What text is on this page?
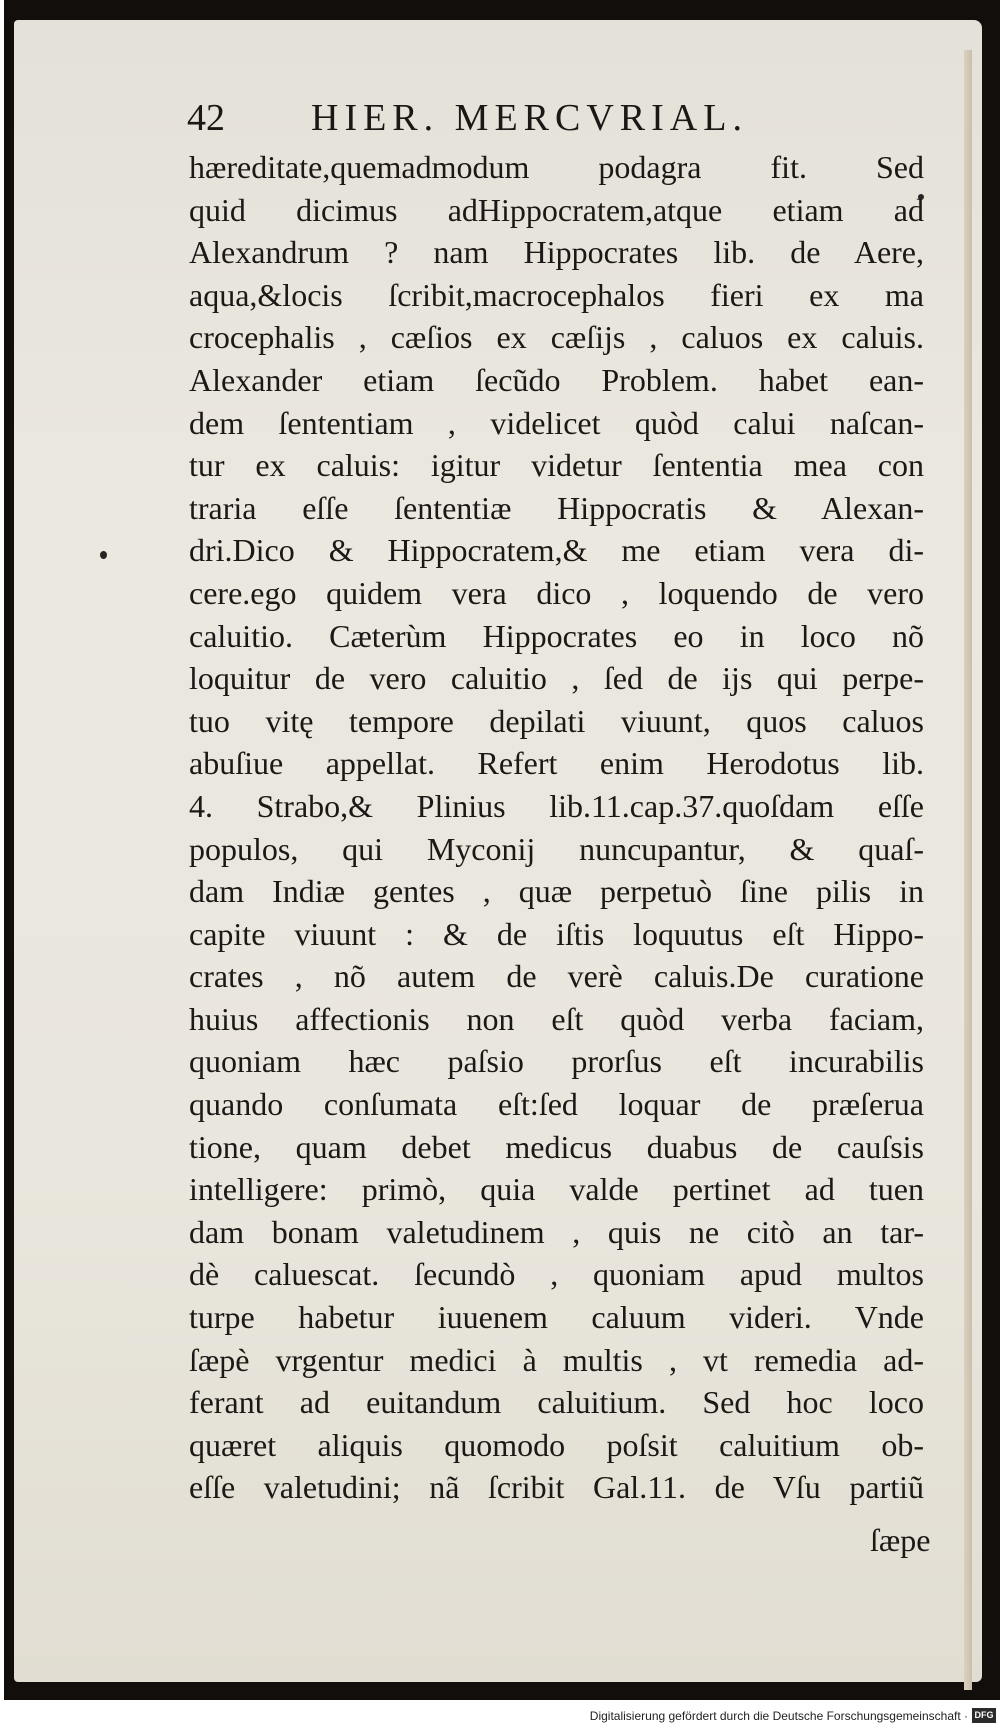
42 HIER. MERCVRIAL.
hæreditate,quemadmodum podagra fit. Sed
quid dicimus adHippocratem,atque etiam ad
Alexandrum ? nam Hippocrates lib. de Aere,
aqua,&locis ſcribit,macrocephalos fieri ex ma
crocephalis , cæſios ex cæſijs , caluos ex caluis.
Alexander etiam ſecũdo Problem. habet ean-
dem ſententiam , videlicet quòd calui naſcan-
tur ex caluis: igitur videtur ſententia mea con
traria eſſe ſententiæ Hippocratis & Alexan-
dri.Dico & Hippocratem,& me etiam vera di-
cere.ego quidem vera dico , loquendo de vero
caluitio. Cæterùm Hippocrates eo in loco nõ
loquitur de vero caluitio , ſed de ijs qui perpe-
tuo vitę tempore depilati viuunt, quos caluos
abuſiue appellat. Refert enim Herodotus lib.
4. Strabo,& Plinius lib.11.cap.37.quoſdam eſſe
populos, qui Myconij nuncupantur, & quaſ-
dam Indiæ gentes , quæ perpetuò ſine pilis in
capite viuunt : & de iſtis loquutus eſt Hippo-
crates , nõ autem de verè caluis.De curatione
huius affectionis non eſt quòd verba faciam,
quoniam hæc paſsio prorſus eſt incurabilis
quando conſumata eſt:ſed loquar de præſerua
tione, quam debet medicus duabus de cauſsis
intelligere: primò, quia valde pertinet ad tuen
dam bonam valetudinem , quis ne citò an tar-
dè caluescat. ſecundò , quoniam apud multos
turpe habetur iuuenem caluum videri. Vnde
ſæpè vrgentur medici à multis , vt remedia ad-
ferant ad euitandum caluitium. Sed hoc loco
quæret aliquis quomodo poſsit caluitium ob-
eſſe valetudini; nã ſcribit Gal.11. de Vſu partiũ
ſæpe
Digitalisierung gefördert durch die Deutsche Forschungsgemeinschaft · DFG
